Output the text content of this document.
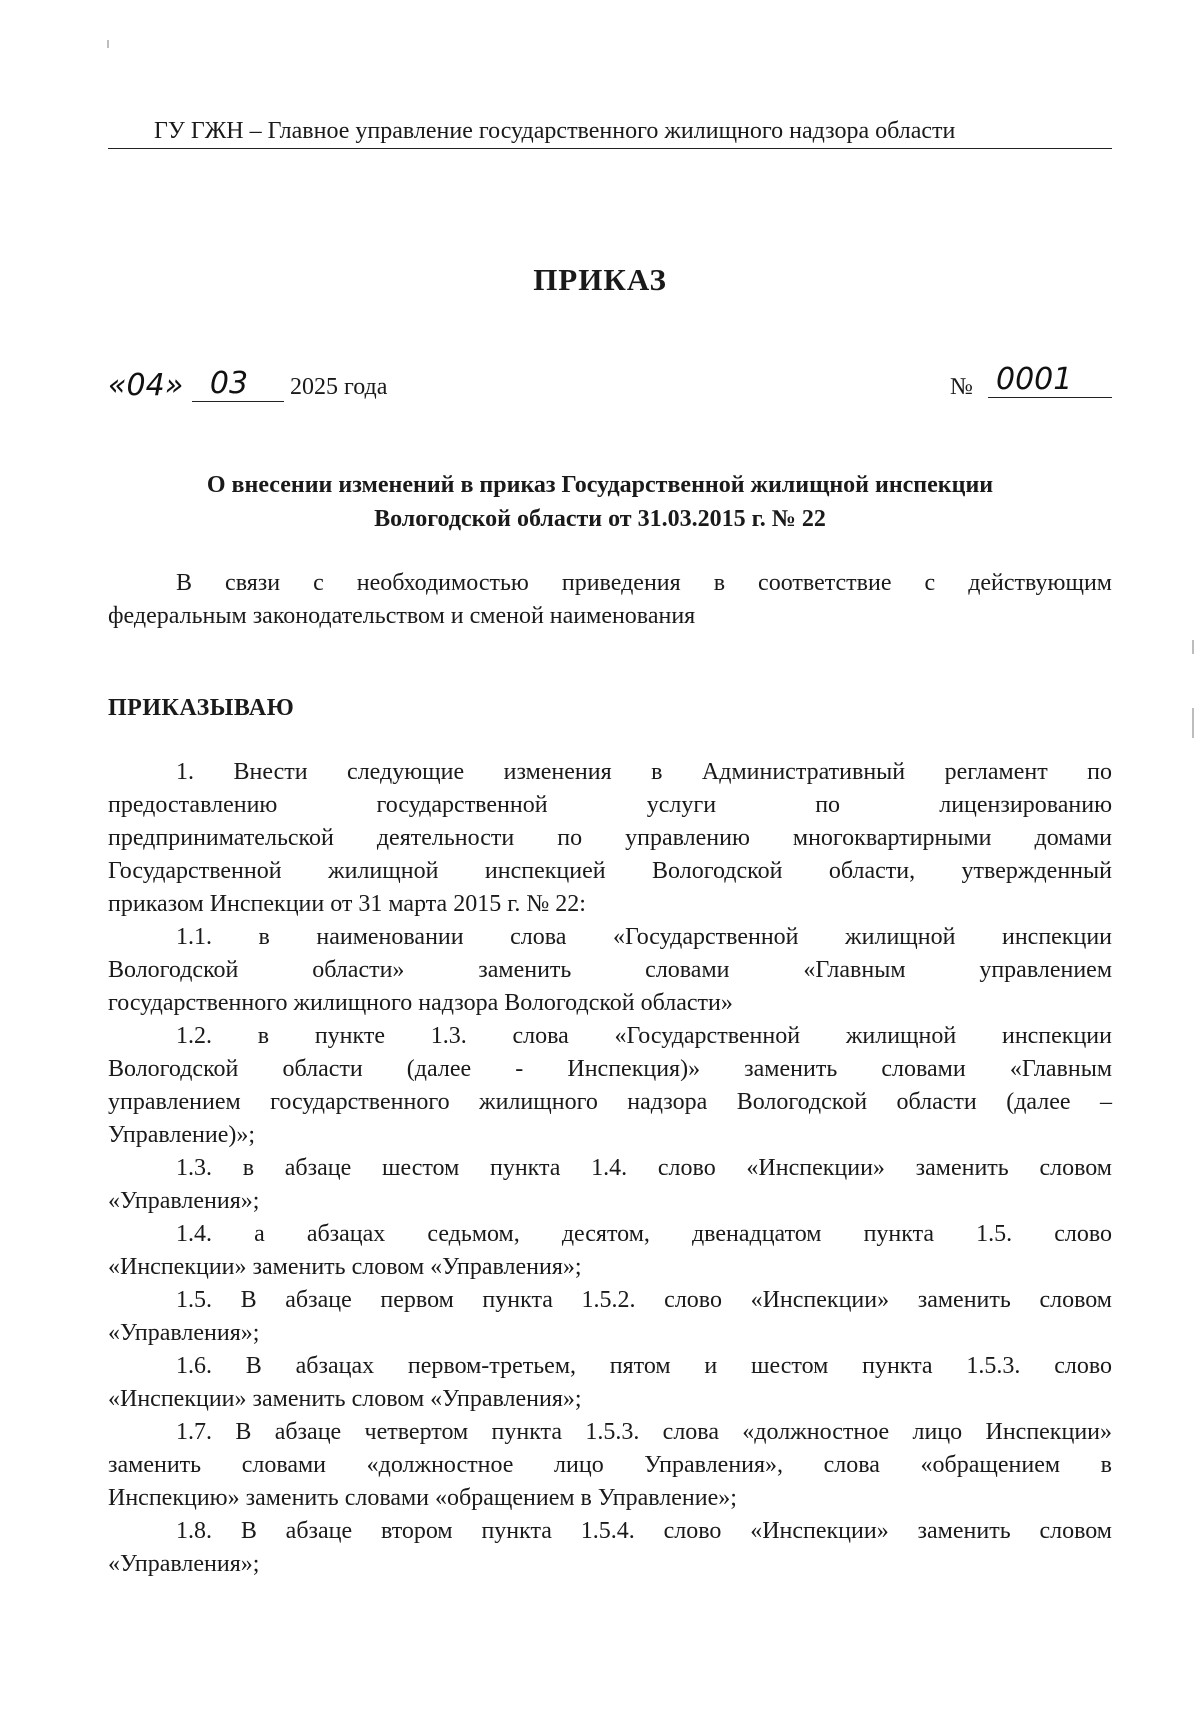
ГУ ГЖН – Главное управление государственного жилищного надзора области
ПРИКАЗ
«04» 03	2025 года	№ 0001
О внесении изменений в приказ Государственной жилищной инспекции
Вологодской области от 31.03.2015 г. № 22
В связи с необходимостью приведения в соответствие с действующим
федеральным законодательством и сменой наименования
ПРИКАЗЫВАЮ
1. Внести следующие изменения в Административный регламент по
предоставлению государственной услуги по лицензированию
предпринимательской деятельности по управлению многоквартирными домами
Государственной жилищной инспекцией Вологодской области, утвержденный
приказом Инспекции от 31 марта 2015 г. № 22:
1.1. в наименовании слова «Государственной жилищной инспекции
Вологодской области» заменить словами «Главным управлением
государственного жилищного надзора Вологодской области»
1.2. в пункте 1.3. слова «Государственной жилищной инспекции
Вологодской области (далее - Инспекция)» заменить словами «Главным
управлением государственного жилищного надзора Вологодской области (далее –
Управление)»;
1.3. в абзаце шестом пункта 1.4. слово «Инспекции» заменить словом
«Управления»;
1.4. а абзацах седьмом, десятом, двенадцатом пункта 1.5. слово
«Инспекции» заменить словом «Управления»;
1.5. В абзаце первом пункта 1.5.2. слово «Инспекции» заменить словом
«Управления»;
1.6. В абзацах первом-третьем, пятом и шестом пункта 1.5.3. слово
«Инспекции» заменить словом «Управления»;
1.7. В абзаце четвертом пункта 1.5.3. слова «должностное лицо Инспекции»
заменить словами «должностное лицо Управления», слова «обращением в
Инспекцию» заменить словами «обращением в Управление»;
1.8. В абзаце втором пункта 1.5.4. слово «Инспекции» заменить словом
«Управления»;
